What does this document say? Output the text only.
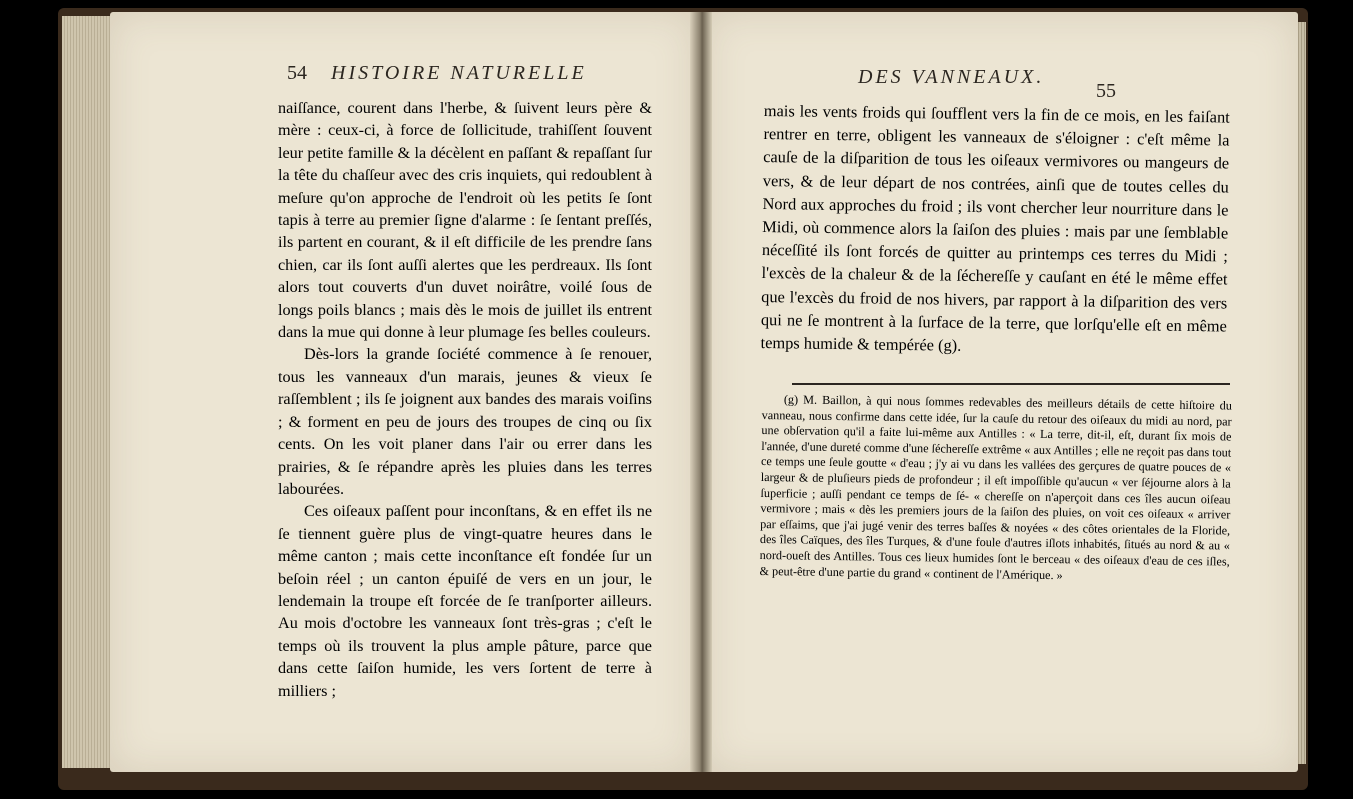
54 HISTOIRE NATURELLE

naiſſance, courent dans l'herbe, & ſuivent leurs père & mère : ceux-ci, à force de ſollicitude, trahiſſent ſouvent leur petite famille & la décèlent en paſſant & repaſſant ſur la tête du chaſſeur avec des cris inquiets, qui redoublent à meſure qu'on approche de l'endroit où les petits ſe ſont tapis à terre au premier ſigne d'alarme : ſe ſentant preſſés, ils partent en courant, & il eſt difficile de les prendre ſans chien, car ils ſont auſſi alertes que les perdreaux. Ils ſont alors tout couverts d'un duvet noirâtre, voilé ſous de longs poils blancs ; mais dès le mois de juillet ils entrent dans la mue qui donne à leur plumage ſes belles couleurs.

Dès-lors la grande ſociété commence à ſe renouer, tous les vanneaux d'un marais, jeunes & vieux ſe raſſemblent ; ils ſe joignent aux bandes des marais voiſins ; & forment en peu de jours des troupes de cinq ou ſix cents. On les voit planer dans l'air ou errer dans les prairies, & ſe répandre après les pluies dans les terres labourées.

Ces oiſeaux paſſent pour inconſtans, & en effet ils ne ſe tiennent guère plus de vingt-quatre heures dans le même canton ; mais cette inconſtance eſt fondée ſur un beſoin réel ; un canton épuiſé de vers en un jour, le lendemain la troupe eſt forcée de ſe tranſporter ailleurs. Au mois d'octobre les vanneaux ſont très-gras ; c'eſt le temps où ils trouvent la plus ample pâture, parce que dans cette ſaiſon humide, les vers ſortent de terre à milliers ;

DES VANNEAUX.
55

mais les vents froids qui ſoufflent vers la fin de ce mois, en les faiſant rentrer en terre, obligent les vanneaux de s'éloigner : c'eſt même la cauſe de la diſparition de tous les oiſeaux vermivores ou mangeurs de vers, & de leur départ de nos contrées, ainſi que de toutes celles du Nord aux approches du froid ; ils vont chercher leur nourriture dans le Midi, où commence alors la ſaiſon des pluies : mais par une ſemblable néceſſité ils ſont forcés de quitter au printemps ces terres du Midi ; l'excès de la chaleur & de la ſéchereſſe y cauſant en été le même effet que l'excès du froid de nos hivers, par rapport à la diſparition des vers qui ne ſe montrent à la ſurface de la terre, que lorſqu'elle eſt en même temps humide & tempérée (g).

(g) M. Baillon, à qui nous ſommes redevables des meilleurs détails de cette hiſtoire du vanneau, nous confirme dans cette idée, ſur la cauſe du retour des oiſeaux du midi au nord, par une obſervation qu'il a faite lui-même aux Antilles : « La terre, dit-il, eſt, durant ſix mois de l'année, d'une dureté comme d'une ſéchereſſe extrême « aux Antilles ; elle ne reçoit pas dans tout ce temps une ſeule goutte « d'eau ; j'y ai vu dans les vallées des gerçures de quatre pouces de « largeur & de pluſieurs pieds de profondeur ; il eſt impoſſible qu'aucun « ver ſéjourne alors à la ſuperficie ; auſſi pendant ce temps de ſé- « chereſſe on n'aperçoit dans ces îles aucun oiſeau vermivore ; mais « dès les premiers jours de la ſaiſon des pluies, on voit ces oiſeaux « arriver par eſſaims, que j'ai jugé venir des terres baſſes & noyées « des côtes orientales de la Floride, des îles Caïques, des îles Turques, & d'une foule d'autres iſlots inhabités, ſitués au nord & au « nord-oueſt des Antilles. Tous ces lieux humides ſont le berceau « des oiſeaux d'eau de ces iſles, & peut-être d'une partie du grand « continent de l'Amérique. »
